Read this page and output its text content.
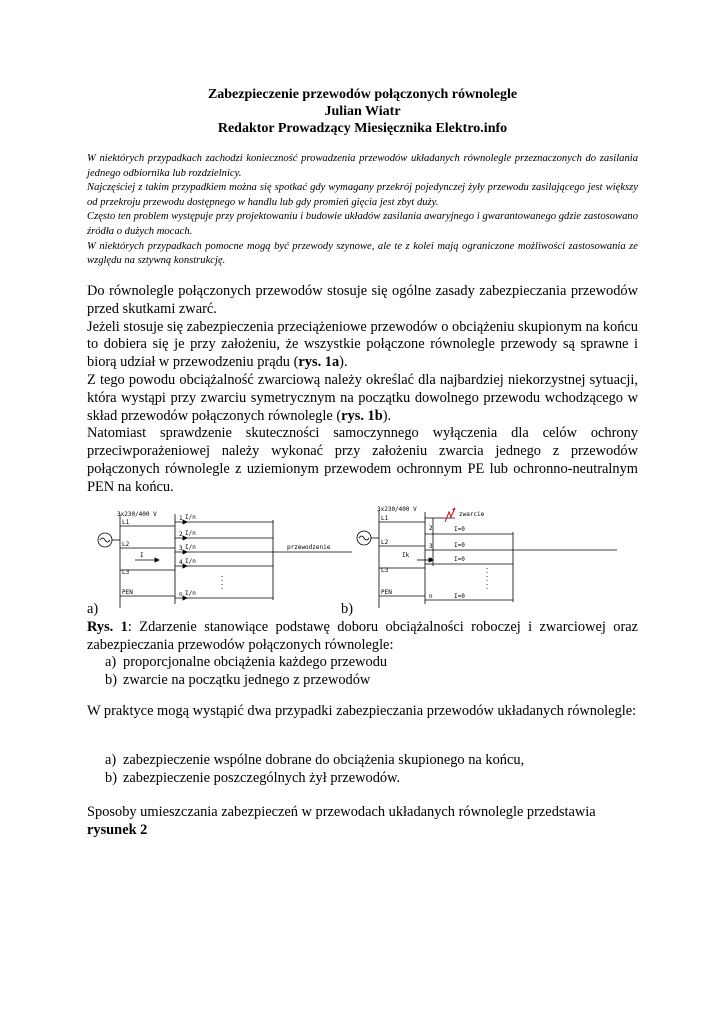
Zabezpieczenie przewodów połączonych równolegle
Julian Wiatr
Redaktor Prowadzący Miesięcznika Elektro.info

W niektórych przypadkach zachodzi konieczność prowadzenia przewodów układanych równolegle przeznaczonych do zasilania jednego odbiornika lub rozdzielnicy.

Najczęściej z takim przypadkiem można się spotkać gdy wymagany przekrój pojedynczej żyły przewodu zasilającego jest większy od przekroju przewodu dostępnego w handlu lub gdy promień gięcia jest zbyt duży.

Często ten problem występuje przy projektowaniu i budowie układów zasilania awaryjnego i gwarantowanego gdzie zastosowano źródła o dużych mocach.

W niektórych przypadkach pomocne mogą być przewody szynowe, ale te z kolei mają ograniczone możliwości zastosowania ze względu na sztywną konstrukcję.

Do równolegle połączonych przewodów stosuje się ogólne zasady zabezpieczania przewodów przed skutkami zwarć.

Jeżeli stosuje się zabezpieczenia przeciążeniowe przewodów o obciążeniu skupionym na końcu to dobiera się je przy założeniu, że wszystkie połączone równolegle przewody są sprawne i biorą udział w przewodzeniu prądu (rys. 1a).

Z tego powodu obciążalność zwarciową należy określać dla najbardziej niekorzystnej sytuacji, która wystąpi przy zwarciu symetrycznym na początku dowolnego przewodu wchodzącego w skład przewodów połączonych równolegle (rys. 1b).

Natomiast sprawdzenie skuteczności samoczynnego wyłączenia dla celów ochrony przeciwporażeniowej należy wykonać przy założeniu zwarcia jednego z przewodów połączonych równolegle z uziemionym przewodem ochronnym PE lub ochronno-neutralnym PEN na końcu.

3x230/400 V
L1
L2
L3
PEN
1
2
3
4
n
I/n
I/n
I/n
I/n
I/n
I
przewodzenie
3x230/400 V
L1
L2
L3
PEN
2
3
4
n
I=0
I=0
I=0
I=0
Ik
zwarcie
a)	b)

Rys. 1: Zdarzenie stanowiące podstawę doboru obciążalności roboczej i zwarciowej oraz zabezpieczania przewodów połączonych równolegle:

a) proporcjonalne obciążenia każdego przewodu
b) zwarcie na początku jednego z przewodów

W praktyce mogą wystąpić dwa przypadki zabezpieczania przewodów układanych równolegle:

a) zabezpieczenie wspólne dobrane do obciążenia skupionego na końcu,
b) zabezpieczenie poszczególnych żył przewodów.

Sposoby umieszczania zabezpieczeń w przewodach układanych równolegle przedstawia
rysunek 2
